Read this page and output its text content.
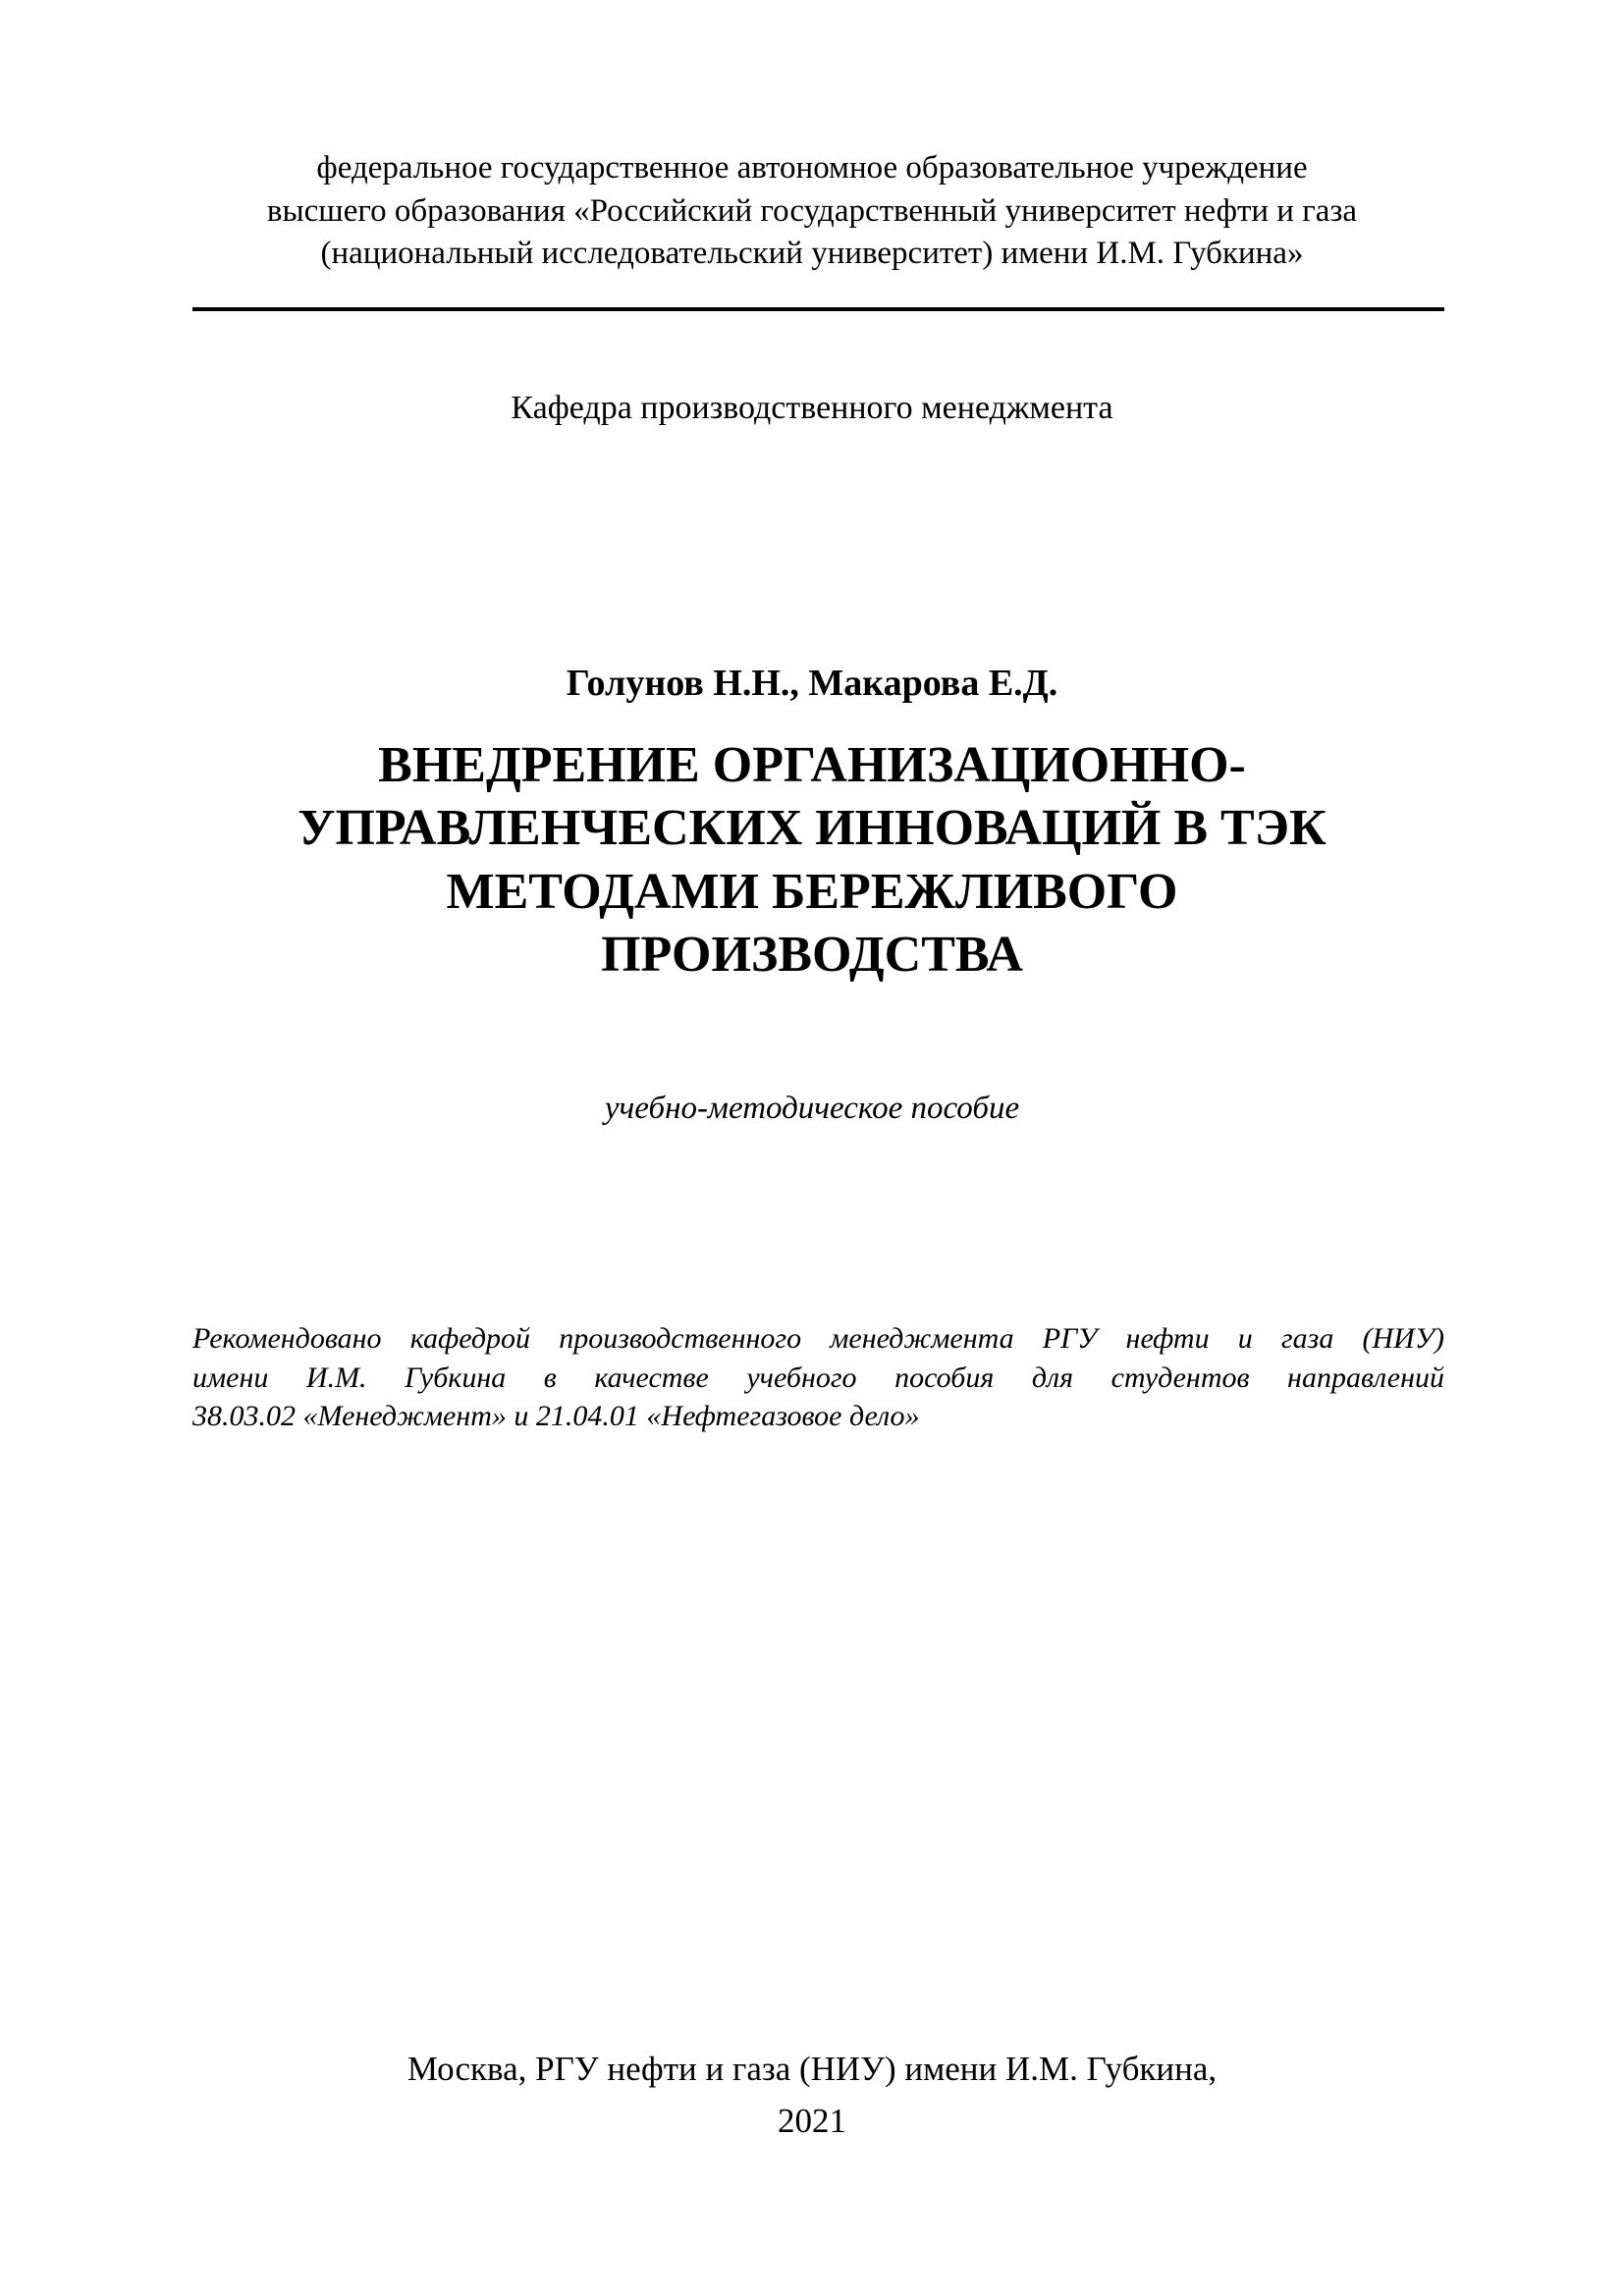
федеральное государственное автономное образовательное учреждение
высшего образования «Российский государственный университет нефти и газа
(национальный исследовательский университет) имени И.М. Губкина»
Кафедра производственного менеджмента
Голунов Н.Н., Макарова Е.Д.
ВНЕДРЕНИЕ ОРГАНИЗАЦИОННО-
УПРАВЛЕНЧЕСКИХ ИННОВАЦИЙ В ТЭК
МЕТОДАМИ БЕРЕЖЛИВОГО
ПРОИЗВОДСТВА
учебно-методическое пособие
Рекомендовано кафедрой производственного менеджмента РГУ нефти и газа (НИУ)
имени И.М. Губкина в качестве учебного пособия для студентов направлений
38.03.02 «Менеджмент» и 21.04.01 «Нефтегазовое дело»
Москва, РГУ нефти и газа (НИУ) имени И.М. Губкина,
2021
